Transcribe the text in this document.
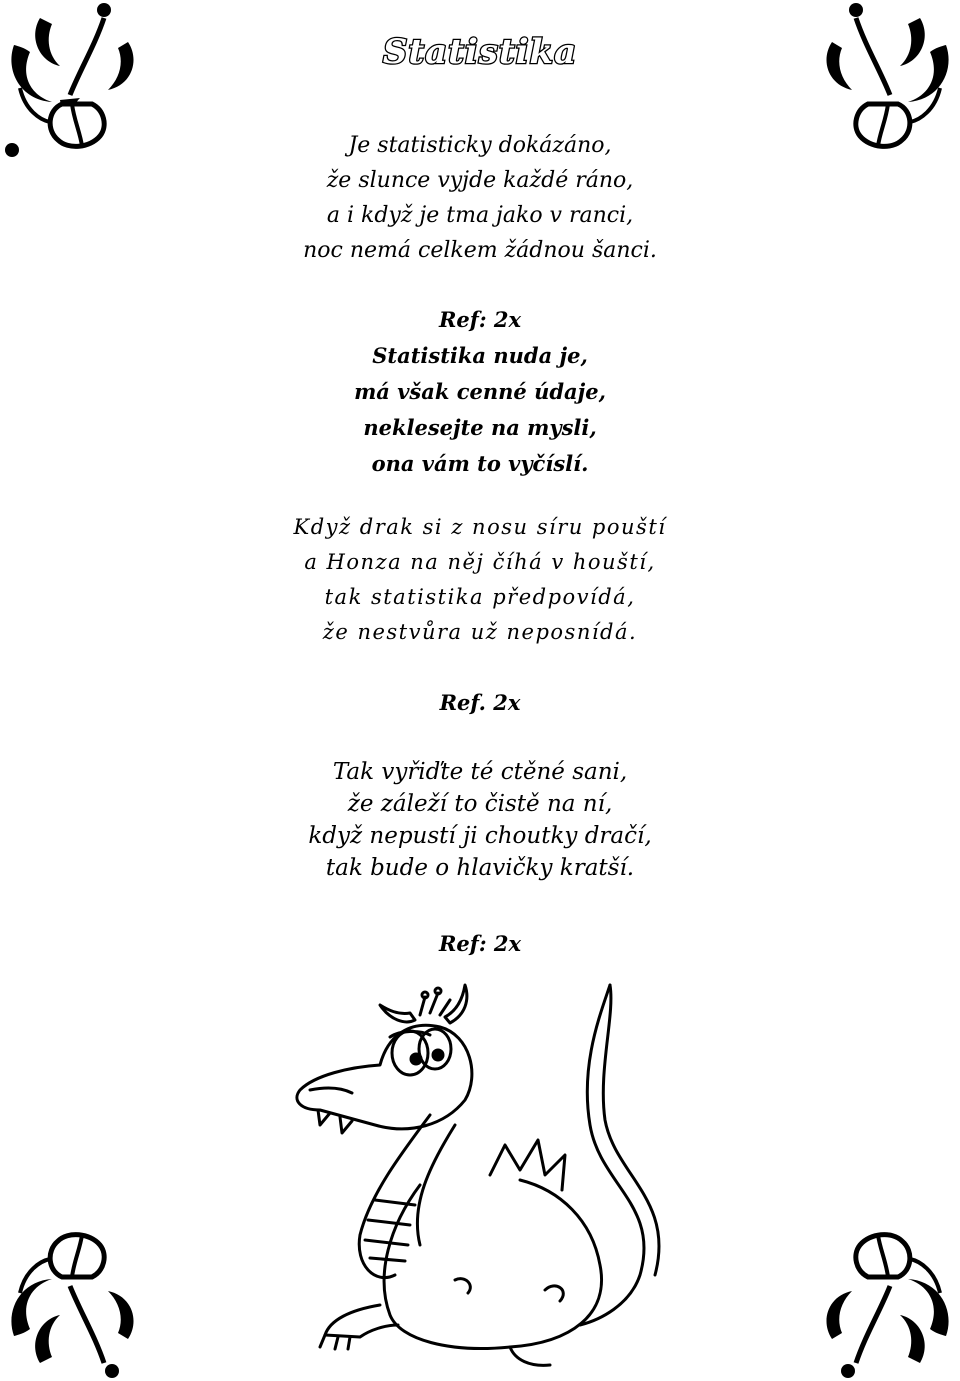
Statistika
Je statisticky dokázáno,
že slunce vyjde každé ráno,
a i když je tma jako v ranci,
noc nemá celkem žádnou šanci.
Ref: 2x
Statistika nuda je,
má však cenné údaje,
neklesejte na mysli,
ona vám to vyčíslí.
Když drak si z nosu síru pouští
a Honza na něj číhá v houští,
tak statistika předpovídá,
že nestvůra už neposnídá.
Ref. 2x
Tak vyřiďte té ctěné sani,
že záleží to čistě na ní,
když nepustí ji choutky dračí,
tak bude o hlavičky kratší.
Ref: 2x
